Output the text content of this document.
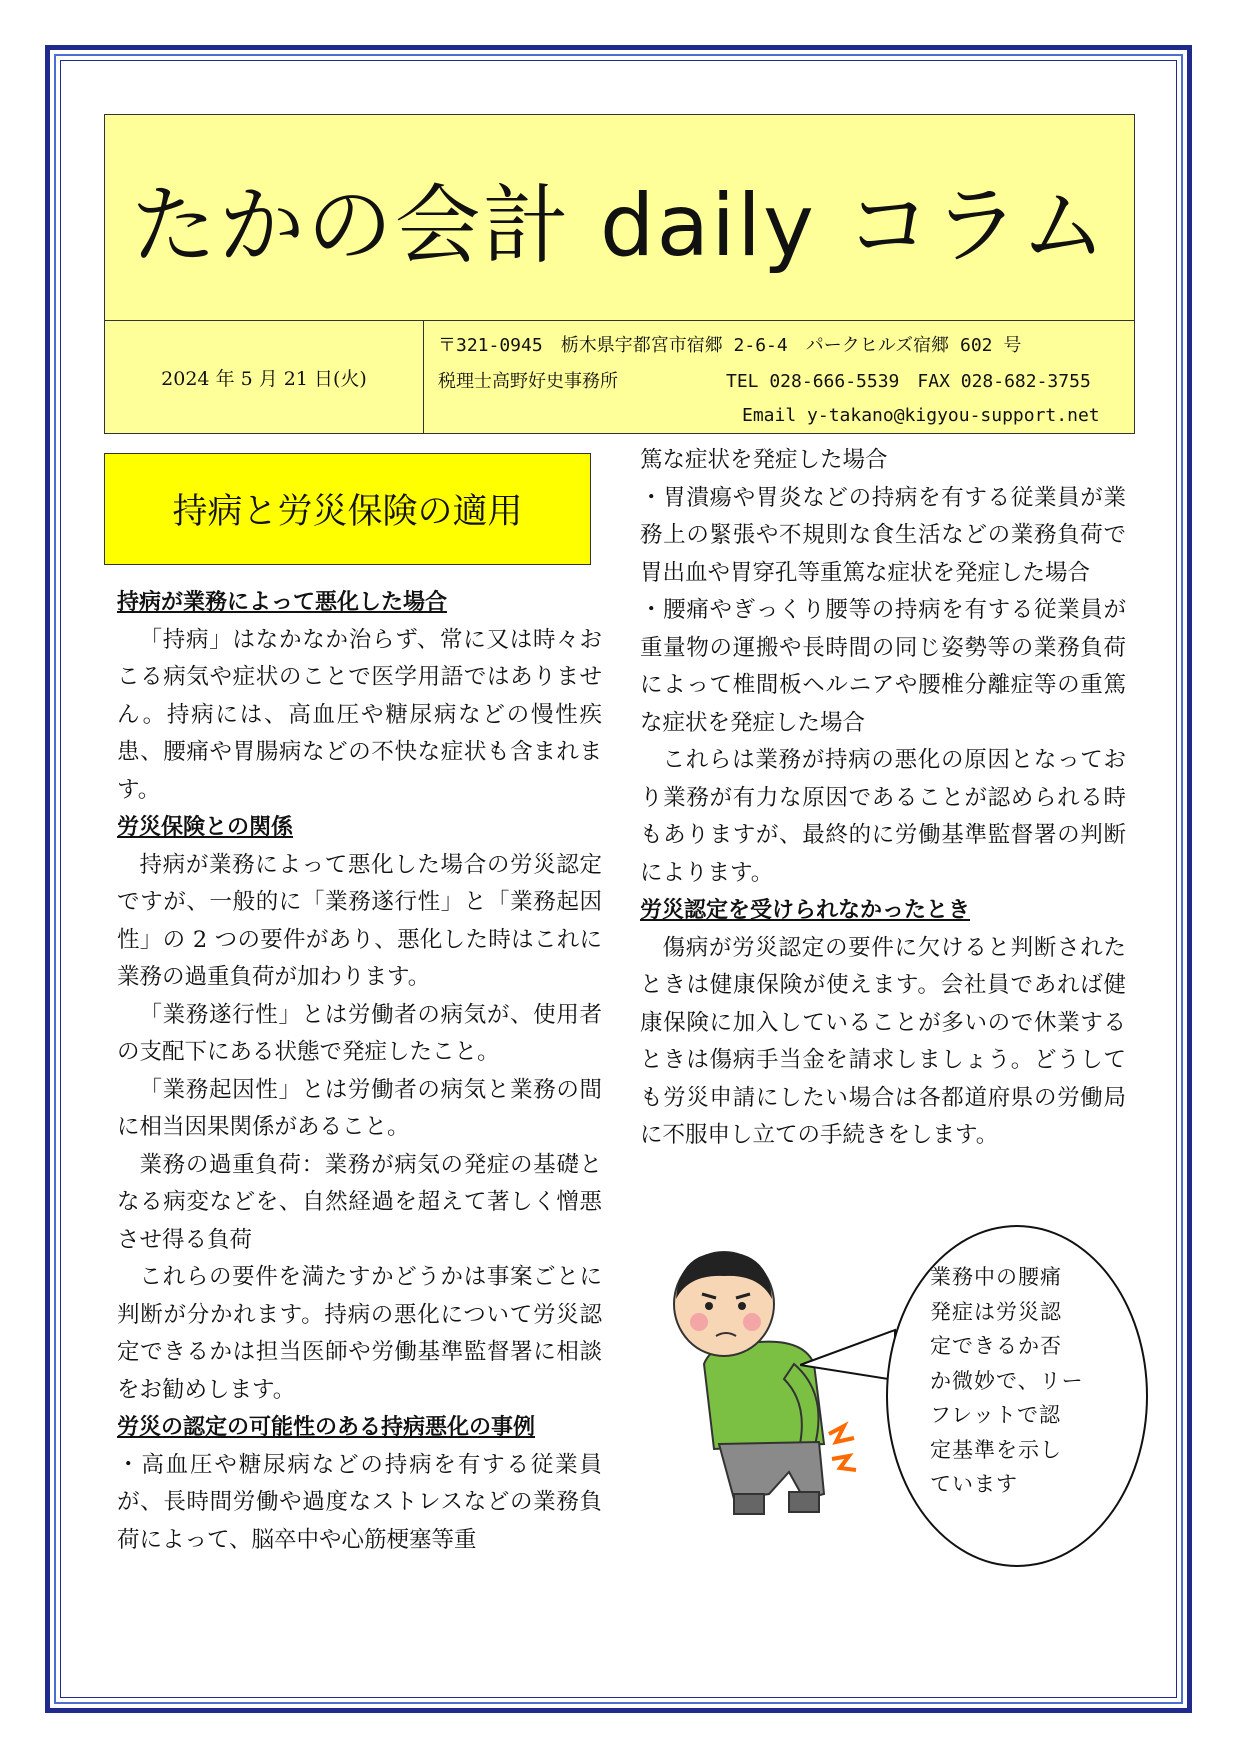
たかの会計 daily コラム
2024 年 5 月 21 日(火)
〒321-0945　栃木県宇都宮市宿郷 2-6-4　パークヒルズ宿郷 602 号
税理士高野好史事務所	TEL 028-666-5539　FAX 028-682-3755
Email y-takano@kigyou-support.net
持病と労災保険の適用

持病が業務によって悪化した場合

「持病」はなかなか治らず、常に又は時々おこる病気や症状のことで医学用語ではありません。持病には、高血圧や糖尿病などの慢性疾患、腰痛や胃腸病などの不快な症状も含まれます。

労災保険との関係

持病が業務によって悪化した場合の労災認定ですが、一般的に「業務遂行性」と「業務起因性」の 2 つの要件があり、悪化した時はこれに業務の過重負荷が加わります。

「業務遂行性」とは労働者の病気が、使用者の支配下にある状態で発症したこと。

「業務起因性」とは労働者の病気と業務の間に相当因果関係があること。

業務の過重負荷：業務が病気の発症の基礎となる病変などを、自然経過を超えて著しく憎悪させ得る負荷

これらの要件を満たすかどうかは事案ごとに判断が分かれます。持病の悪化について労災認定できるかは担当医師や労働基準監督署に相談をお勧めします。

労災の認定の可能性のある持病悪化の事例

・高血圧や糖尿病などの持病を有する従業員が、長時間労働や過度なストレスなどの業務負荷によって、脳卒中や心筋梗塞等重

篤な症状を発症した場合

・胃潰瘍や胃炎などの持病を有する従業員が業務上の緊張や不規則な食生活などの業務負荷で胃出血や胃穿孔等重篤な症状を発症した場合

・腰痛やぎっくり腰等の持病を有する従業員が重量物の運搬や長時間の同じ姿勢等の業務負荷によって椎間板ヘルニアや腰椎分離症等の重篤な症状を発症した場合

これらは業務が持病の悪化の原因となっており業務が有力な原因であることが認められる時もありますが、最終的に労働基準監督署の判断によります。

労災認定を受けられなかったとき

傷病が労災認定の要件に欠けると判断されたときは健康保険が使えます。会社員であれば健康保険に加入していることが多いので休業するときは傷病手当金を請求しましょう。どうしても労災申請にしたい場合は各都道府県の労働局に不服申し立ての手続きをします。

業務中の腰痛
発症は労災認
定できるか否
か微妙で、リー
フレットで認
定基準を示し
ています
